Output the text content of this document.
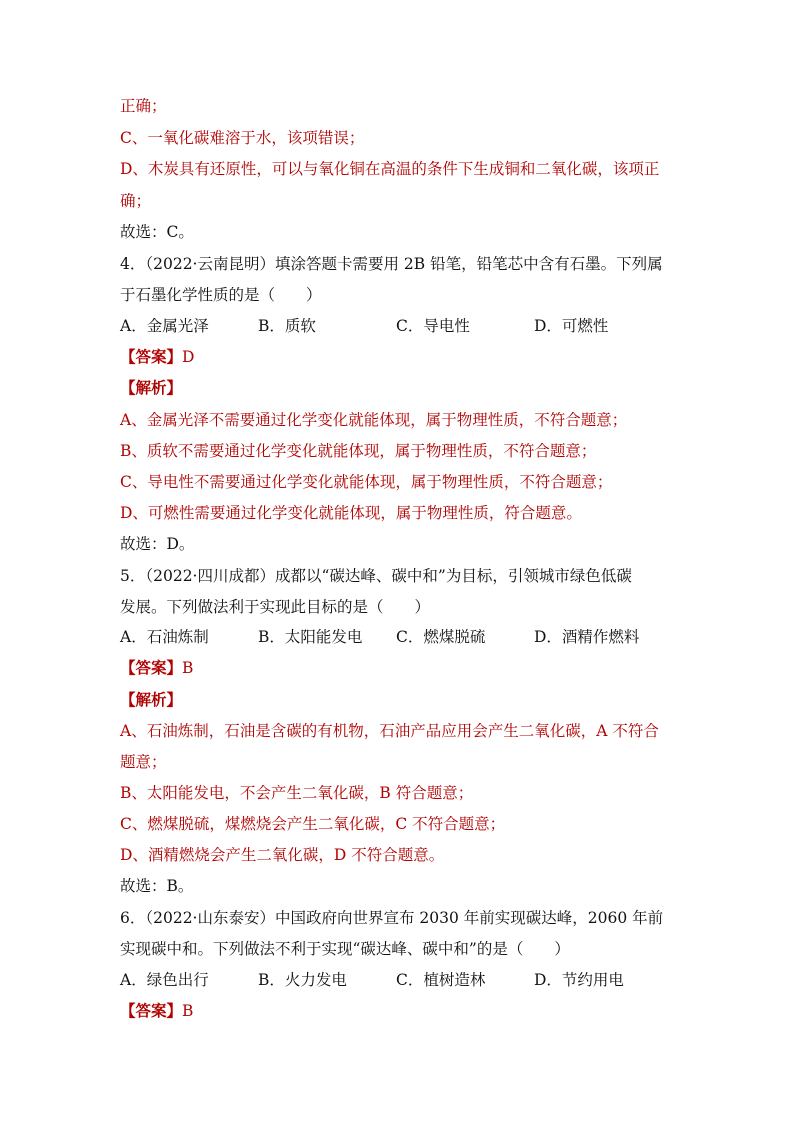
正确；
C、一氧化碳难溶于水，该项错误；
D、木炭具有还原性，可以与氧化铜在高温的条件下生成铜和二氧化碳，该项正
确；
故选：C。
4．（2022·云南昆明）填涂答题卡需要用 2B 铅笔，铅笔芯中含有石墨。下列属
于石墨化学性质的是（　　）
A．金属光泽	B．质软	C．导电性	D．可燃性
【答案】D
【解析】
A、金属光泽不需要通过化学变化就能体现，属于物理性质，不符合题意；
B、质软不需要通过化学变化就能体现，属于物理性质，不符合题意；
C、导电性不需要通过化学变化就能体现，属于物理性质，不符合题意；
D、可燃性需要通过化学变化就能体现，属于物理性质，符合题意。
故选：D。
5．（2022·四川成都）成都以“碳达峰、碳中和”为目标，引领城市绿色低碳
发展。下列做法利于实现此目标的是（　　）
A．石油炼制	B．太阳能发电 C．燃煤脱硫	D．酒精作燃料
【答案】B
【解析】
A、石油炼制，石油是含碳的有机物，石油产品应用会产生二氧化碳，A 不符合
题意；
B、太阳能发电，不会产生二氧化碳，B 符合题意；
C、燃煤脱硫，煤燃烧会产生二氧化碳，C 不符合题意；
D、酒精燃烧会产生二氧化碳，D 不符合题意。
故选：B。
6．（2022·山东泰安）中国政府向世界宣布 2030 年前实现碳达峰，2060 年前
实现碳中和。下列做法不利于实现“碳达峰、碳中和”的是（　　）
A．绿色出行	B．火力发电	C．植树造林	D．节约用电
【答案】B
